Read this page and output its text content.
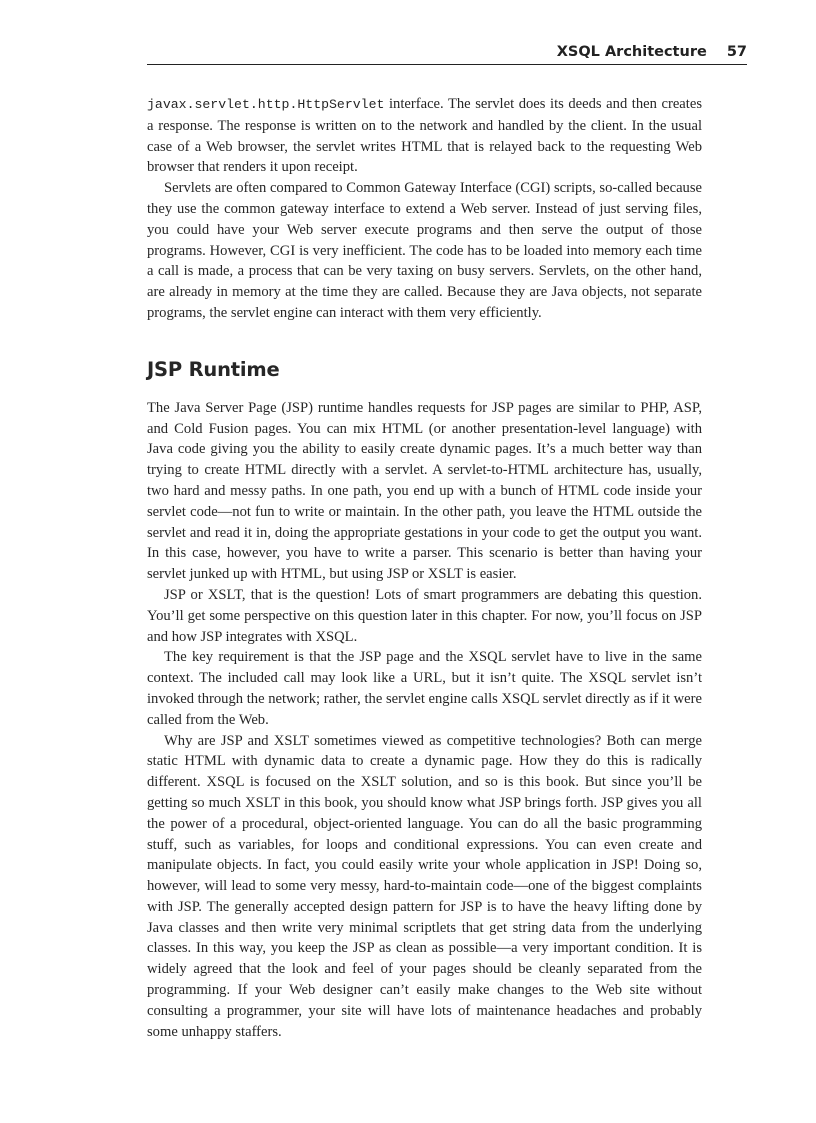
XSQL Architecture 57

javax.servlet.http.HttpServlet interface. The servlet does its deeds and then creates a response. The response is written on to the network and handled by the client. In the usual case of a Web browser, the servlet writes HTML that is relayed back to the requesting Web browser that renders it upon receipt.

Servlets are often compared to Common Gateway Interface (CGI) scripts, so-called because they use the common gateway interface to extend a Web server. Instead of just serving files, you could have your Web server execute programs and then serve the output of those programs. However, CGI is very inefficient. The code has to be loaded into memory each time a call is made, a process that can be very taxing on busy servers. Servlets, on the other hand, are already in memory at the time they are called. Because they are Java objects, not separate programs, the servlet engine can interact with them very efficiently.

JSP Runtime

The Java Server Page (JSP) runtime handles requests for JSP pages are similar to PHP, ASP, and Cold Fusion pages. You can mix HTML (or another presentation-level language) with Java code giving you the ability to easily create dynamic pages. It’s a much better way than trying to create HTML directly with a servlet. A servlet-to-HTML architecture has, usually, two hard and messy paths. In one path, you end up with a bunch of HTML code inside your servlet code—not fun to write or maintain. In the other path, you leave the HTML outside the servlet and read it in, doing the appropriate gestations in your code to get the output you want. In this case, however, you have to write a parser. This scenario is better than having your servlet junked up with HTML, but using JSP or XSLT is easier.

JSP or XSLT, that is the question! Lots of smart programmers are debating this question. You’ll get some perspective on this question later in this chapter. For now, you’ll focus on JSP and how JSP integrates with XSQL.

The key requirement is that the JSP page and the XSQL servlet have to live in the same context. The included call may look like a URL, but it isn’t quite. The XSQL servlet isn’t invoked through the network; rather, the servlet engine calls XSQL servlet directly as if it were called from the Web.

Why are JSP and XSLT sometimes viewed as competitive technologies? Both can merge static HTML with dynamic data to create a dynamic page. How they do this is radically different. XSQL is focused on the XSLT solution, and so is this book. But since you’ll be getting so much XSLT in this book, you should know what JSP brings forth. JSP gives you all the power of a procedural, object-oriented language. You can do all the basic programming stuff, such as variables, for loops and conditional expressions. You can even create and manipulate objects. In fact, you could easily write your whole application in JSP! Doing so, however, will lead to some very messy, hard-to-maintain code—one of the biggest complaints with JSP. The generally accepted design pattern for JSP is to have the heavy lifting done by Java classes and then write very minimal scriptlets that get string data from the underlying classes. In this way, you keep the JSP as clean as possible—a very important condition. It is widely agreed that the look and feel of your pages should be cleanly separated from the programming. If your Web designer can’t easily make changes to the Web site without consulting a programmer, your site will have lots of maintenance headaches and probably some unhappy staffers.
